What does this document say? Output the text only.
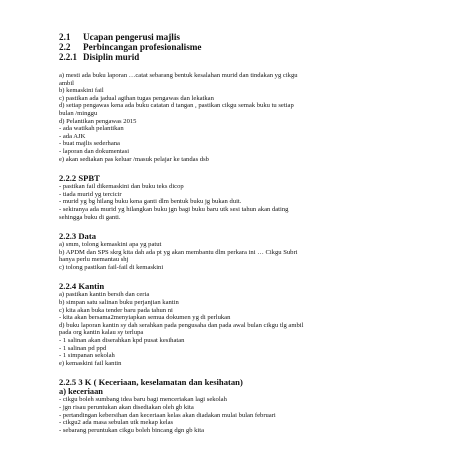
2.1 Ucapan pengerusi majlis
2.2 Perbincangan profesionalisme
2.2.1 Disiplin murid
a) mesti ada buku laporan …catat sebarang bentuk kesalahan murid dan tindakan yg cikgu
ambil
b) kemaskini fail
c) pastikan ada jadual agihan tugas pengawas dan lekatkan
d) setiap pengawas kena ada buku catatan d tangan , pastikan cikgu semak buku tu setiap
bulan /minggu
d) Pelantikan pengawas 2015
- ada watikah pelantikan
- ada AJK
- buat majlis sederhana
- laporan dan dokumentasi
e) akan sediakan pas keluar /masuk pelajar ke tandas dsb
2.2.2 SPBT
- pastikan fail dikemaskini dan buku teks dicop
- tiada murid yg tercicir
- murid yg bg hilang buku kena ganti dlm bentuk buku jg bukan duit.
- sekiranya ada murid yg hilangkan buku jgn bagi buku baru utk sesi tahun akan dating
sehingga buku di ganti.
2.2.3 Data
a) smm, tolong kemaskini apa yg patut
b) APDM dan SPS skrg kita dah ada pt yg akan membantu dlm perkara ini … Cikgu Subri
hanya perlu memantau shj
c) tolong pastikan fail-fail di kemaskini
2.2.4 Kantin
a) pastikan kantin bersih dan ceria
b) simpan satu salinan buku perjanjian kantin
c) kita akan buka tender baru pada tahun ni
- kita akan bersama2menyiapkan semua dokumen yg di perlukan
d) buku laporan kantin sy dah serahkan pada pengusaha dan pada awal bulan cikgu tlg ambil
pada org kantin kalau sy terlupa
- 1 salinan akan diserahkan kpd pusat kesihatan
- 1 salinan pd ppd
- 1 simpanan sekolah
e) kemaskini fail kantin
2.2.5 3 K ( Keceriaan, keselamatan dan kesihatan)
a) keceriaan
- cikgu boleh sumbang idea baru bagi menceriakan lagi sekolah
- jgn risau peruntukan akan disediakan oleh gb kita
- pertandingan kebersihan dan keceriaan kelas akan diadakan mulai bulan februari
- cikgu2 ada masa sebulan utk mekap kelas
- sebarang peruntukan cikgu boleh bincang dgn gb kita
